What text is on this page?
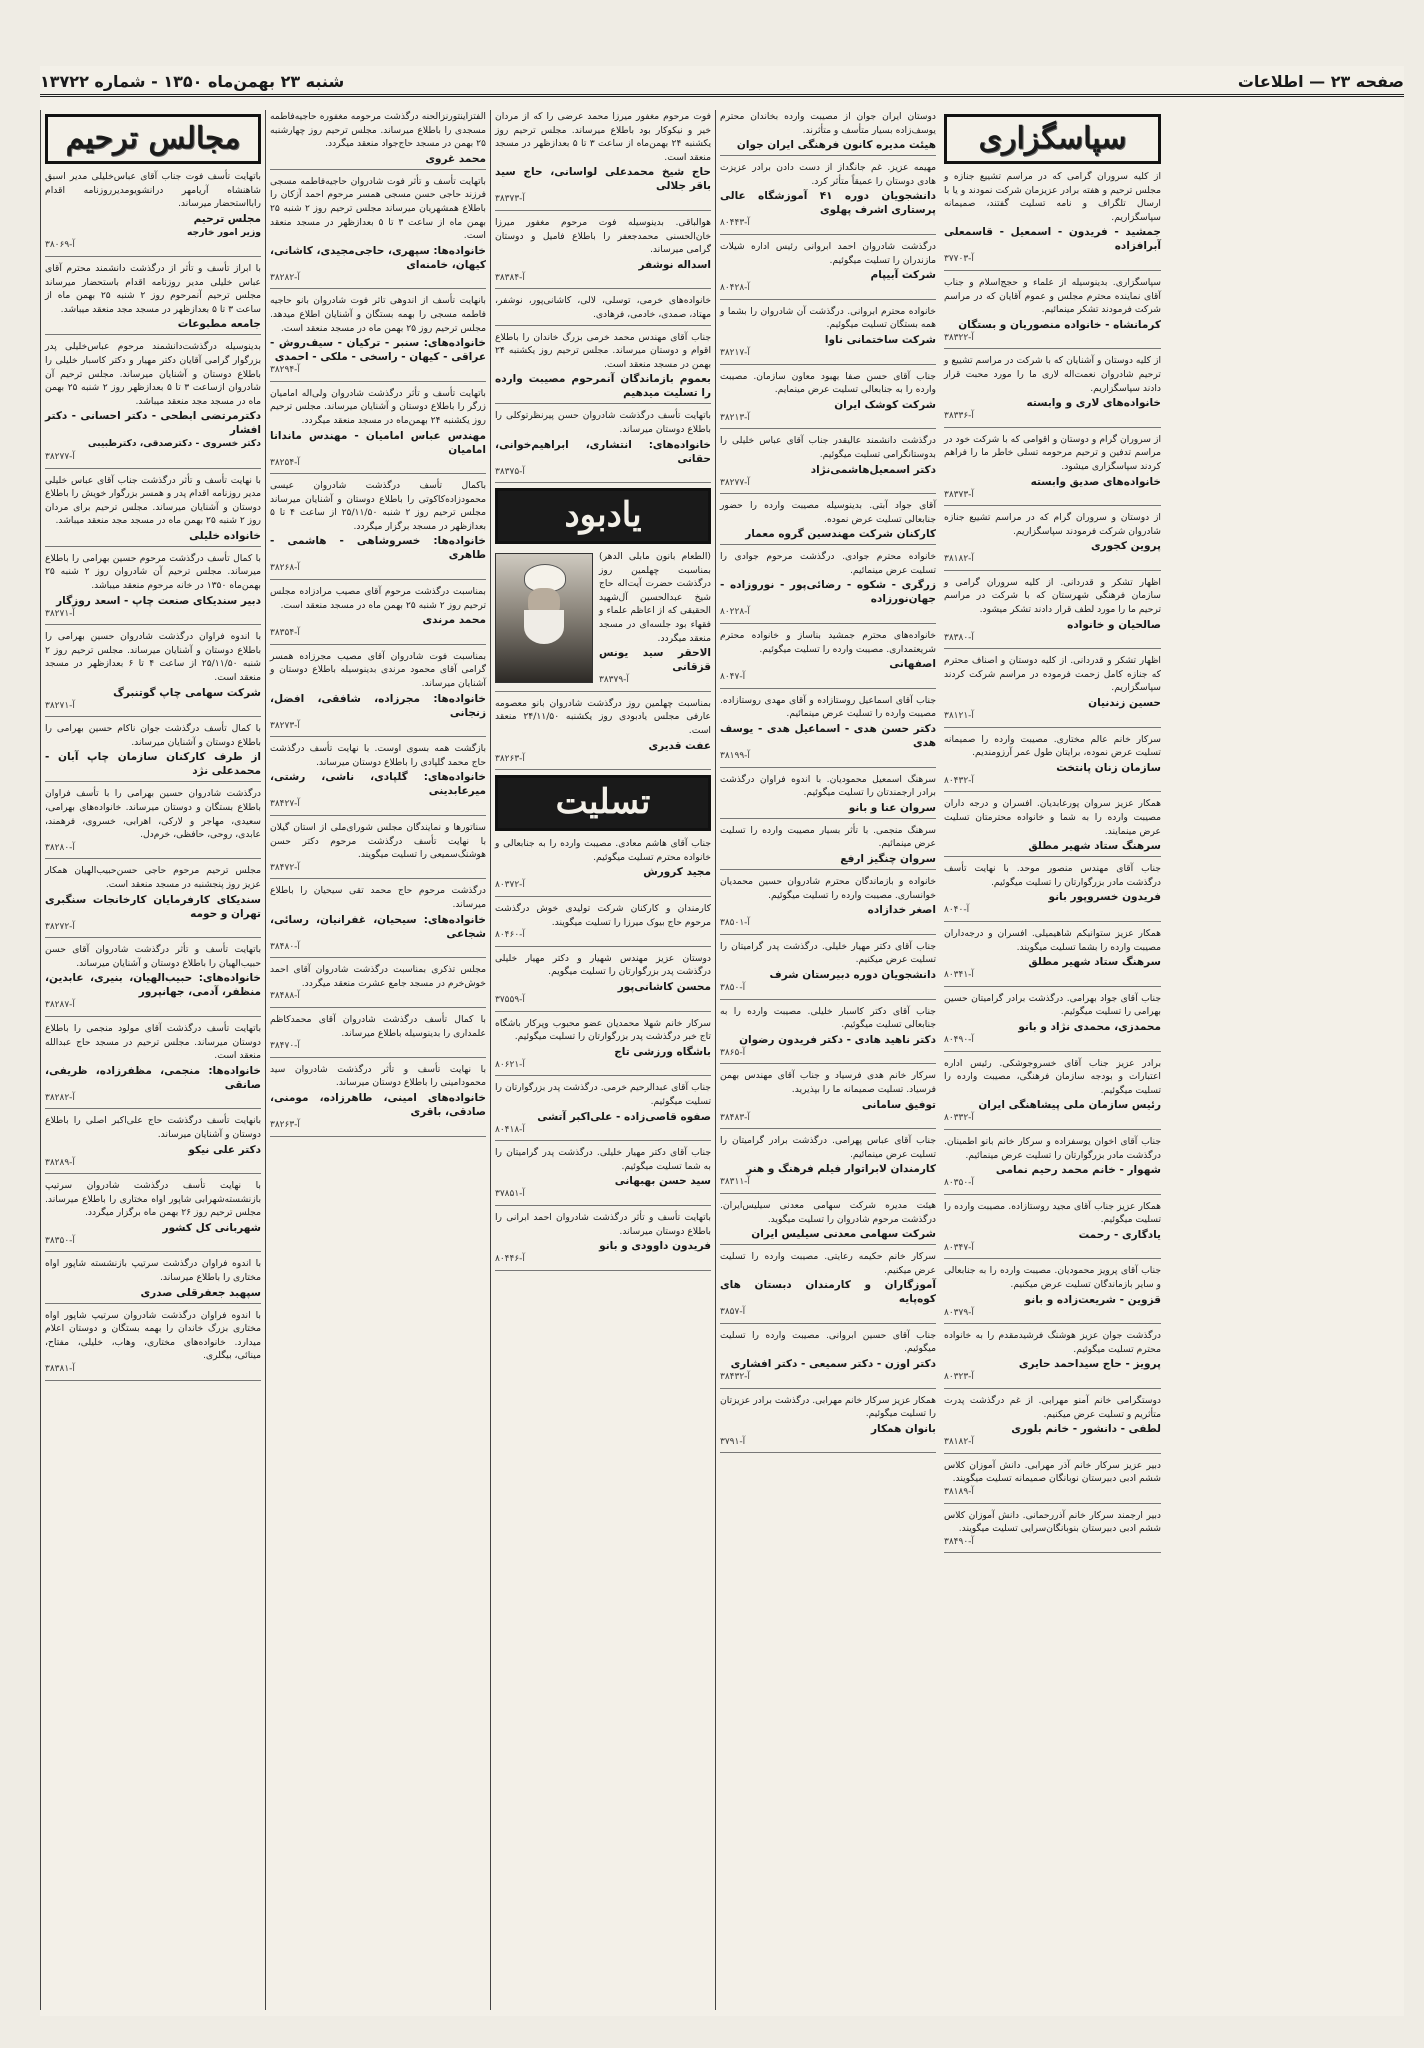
صفحه ۲۳ — اطلاعات
شنبه ۲۳ بهمن‌ماه ۱۳۵۰ - شماره ۱۳۷۲۲
مجالس ترحیم
باتهایت تأسف فوت جناب آقای عباس‌خلیلی مدیر اسبق شاهنشاه آریامهر درانشویومدیرروزنامه اقدام رابااستحضار میرساند.
مجلس ترحیم
وزیر امور خارجه
آ-۳۸۰۶۹
با ابراز تأسف و تأثر از درگذشت دانشمند محترم آقای عباس خلیلی مدیر روزنامه اقدام باستحضار میرساند مجلس ترحیم آنمرحوم روز ۲ شنبه ۲۵ بهمن ماه از ساعت ۳ تا ۵ بعدازظهر در مسجد مجد منعقد میباشد.
جامعه مطبوعات
بدینوسیله درگذشت‌دانشمند مرحوم عباس‌خلیلی پدر بزرگوار گرامی آقایان دکتر مهیار و دکتر کاسبار خلیلی را باطلاع دوستان و آشنایان میرساند. مجلس ترحیم آن شادروان ازساعت ۳ تا ۵ بعدازظهر روز ۲ شنبه ۲۵ بهمن ماه در مسجد مجد منعقد میباشد.
دکترمرتضی ابطحی - دکتر احسانی - دکتر افشار
دکتر خسروی - دکترصدقی، دکترطبیبی
آ-۳۸۲۷۷
با نهایت تأسف و تأثر درگذشت جناب آقای عباس خلیلی مدیر روزنامه اقدام پدر و همسر بزرگوار خویش را باطلاع دوستان و آشنایان میرساند. مجلس ترحیم برای مردان روز ۲ شنبه ۲۵ بهمن ماه در مسجد مجد منعقد میباشد.
خانواده خلیلی
با کمال تأسف درگذشت مرحوم حسین بهرامی را باطلاع میرساند. مجلس ترحیم آن شادروان روز ۲ شنبه ۲۵ بهمن‌ماه ۱۳۵۰ در خانه مرحوم منعقد میباشد.
دبیر سندیکای صنعت چاپ - اسعد روزگار
آ-۳۸۲۷۱
با اندوه فراوان درگذشت شادروان حسین بهرامی را باطلاع دوستان و آشنایان میرساند. مجلس ترحیم روز ۲ شنبه ۲۵/۱۱/۵۰ از ساعت ۴ تا ۶ بعدازظهر در مسجد منعقد است.
شرکت سهامی چاپ گوتنبرگ
آ-۳۸۲۷۱
با کمال تأسف درگذشت جوان ناکام حسین بهرامی را باطلاع دوستان و آشنایان میرساند.
از طرف کارکنان سازمان چاپ آبان - محمدعلی نژد
درگذشت شادروان حسین بهرامی را با تأسف فراوان باطلاع بستگان و دوستان میرساند. خانواده‌های بهرامی، سعیدی، مهاجر و لارکی، اهرابی، خسروی، فرهمند، عابدی، روحی، حافظی، خرم‌دل.
آ-۳۸۲۸۰
مجلس ترحیم مرحوم حاجی حسن‌حبیب‌الهیان همکار عزیز روز پنجشنبه در مسجد منعقد است.
سندیکای کارفرمایان کارخانجات سنگبری تهران و حومه
آ-۳۸۲۷۲
باتهایت تأسف و تأثر درگذشت شادروان آقای حسن حبیب‌الهیان را باطلاع دوستان و آشنایان میرساند.
خانواده‌های: حبیب‌الهیان، بنیری، عابدین، منظفر، آدمی، جهانپرور
آ-۳۸۲۸۷
باتهایت تأسف درگذشت آقای مولود منجمی را باطلاع دوستان میرساند. مجلس ترحیم در مسجد حاج عبدالله منعقد است.
خانواده‌ها: منجمی، مظفرزاده، ظریفی، صانقی
آ-۳۸۲۸۲
بانهایت تأسف درگذشت حاج علی‌اکبر اصلی را باطلاع دوستان و آشنایان میرساند.
دکتر علی نیکو
آ-۳۸۲۸۹
با نهایت تأسف درگذشت شادروان سرتیپ بازنشسته‌شهرابی شاپور اواه مختاری را باطلاع میرساند. مجلس ترحیم روز ۲۶ بهمن ماه برگزار میگردد.
شهربانی کل کشور
آ-۳۸۳۵۰
با اندوه فراوان درگذشت سرتیپ بازنشسته شاپور اواه مختاری را باطلاع میرساند.
سپهبد جعفرقلی صدری
با اندوه فراوان درگذشت شادروان سرتیپ شاپور اواه مختاری بزرگ خاندان را بهمه بستگان و دوستان اعلام میدارد. خانواده‌های مختاری، وهاب، خلیلی، مفتاح، مینائی، بیگلری.
آ-۳۸۳۸۱
الفتزاینتورنزالحنه درگذشت مرحومه مغفوره حاجیه‌فاطمه مسجدی را باطلاع میرساند. مجلس ترحیم روز چهارشنبه ۲۵ بهمن در مسجد حاج‌جواد منعقد میگردد.
محمد غروی
باتهایت تأسف و تأثر فوت شادروان حاجیه‌فاطمه مسجی فرزند حاجی حسن مسجی همسر مرحوم احمد آزکان را باطلاع همشهریان میرساند مجلس ترحیم روز ۲ شنبه ۲۵ بهمن ماه از ساعت ۳ تا ۵ بعدازظهر در مسجد منعقد است.
خانواده‌ها: سپهری، حاجی‌مجیدی، کاشانی، کیهان، خامنه‌ای
آ-۳۸۲۸۲
بانهایت تأسف از اندوهی تاثر فوت شادروان بانو حاجیه فاطمه مسجی را بهمه بستگان و آشنایان اطلاع میدهد. مجلس ترحیم روز ۲۵ بهمن ماه در مسجد منعقد است.
خانواده‌های: سنبر - ترکیان - سیف‌روش - عراقی - کیهان - راسخی - ملکی - احمدی
آ-۳۸۲۹۴
باتهایت تأسف و تأثر درگذشت شادروان ولی‌اله امامیان زرگر را باطلاع دوستان و آشنایان میرساند. مجلس ترحیم روز یکشنبه ۲۴ بهمن‌ماه در مسجد منعقد میگردد.
مهندس عباس امامیان - مهندس ماندانا امامیان
آ-۳۸۲۵۴
باکمال تأسف درگذشت شادروان عیسی محمودزاده‌کاکوتی را باطلاع دوستان و آشنایان میرساند مجلس ترحیم روز ۲ شنبه ۲۵/۱۱/۵۰ از ساعت ۴ تا ۵ بعدازظهر در مسجد برگزار میگردد.
خانواده‌ها: خسروشاهی - هاشمی - طاهری
آ-۳۸۲۶۸
بمناسبت درگذشت مرحوم آقای مصیب مرادزاده مجلس ترحیم روز ۲ شنبه ۲۵ بهمن ماه در مسجد منعقد است.
محمد مرندی
آ-۳۸۳۵۴
بمناسبت فوت شادروان آقای مصیب مجرزاده همسر گرامی آقای محمود مرندی بدینوسیله باطلاع دوستان و آشنایان میرساند.
خانواده‌ها: مجرزاده، شافقی، افضل، زنجانی
آ-۳۸۲۷۳
بازگشت همه بسوی اوست. با نهایت تأسف درگذشت حاج محمد گلپادی را باطلاع دوستان میرساند.
خانواده‌های: گلپادی، ناشی، رشتی، میرعابدینی
آ-۳۸۴۲۷
سناتورها و نمایندگان مجلس شورای‌ملی از استان گیلان با نهایت تأسف درگذشت مرحوم دکتر حسن هوشنگ‌سمیعی را تسلیت میگویند.
آ-۳۸۴۷۲
درگذشت مرحوم حاج محمد تقی سیحیان را باطلاع میرساند.
خانواده‌های: سیحیان، غفرانیان، رسائی، شجاعی
آ-۳۸۴۸۰
مجلس تذکری بمناسبت درگذشت شادروان آقای احمد خوش‌خرم در مسجد جامع عشرت منعقد میگردد.
آ-۳۸۴۸۸
با کمال تأسف درگذشت شادروان آقای محمدکاظم علمداری را بدینوسیله باطلاع میرساند.
آ-۳۸۴۷۰
با نهایت تأسف و تأثر درگذشت شادروان سید محمودامینی را باطلاع دوستان میرساند.
خانواده‌های امینی، طاهرزاده، مومنی، صادقی، باقری
آ-۳۸۲۶۳
فوت مرحوم مغفور میرزا محمد عرضی را که از مردان خیر و نیکوکار بود باطلاع میرساند. مجلس ترحیم روز یکشنبه ۲۴ بهمن‌ماه از ساعت ۳ تا ۵ بعدازظهر در مسجد منعقد است.
حاج شیخ محمدعلی لواسانی، حاج سید باقر جلالی
آ-۳۸۳۷۳
هوالباقی. بدینوسیله فوت مرحوم مغفور میرزا خان‌الحسنی محمدجعفر را باطلاع فامیل و دوستان گرامی میرساند.
اسداله نوشفر
آ-۳۸۳۸۴
خانواده‌های خرمی، توسلی، لالی، کاشانی‌پور، نوشفر، مهتاد، صمدی، خادمی، فرهادی.
جناب آقای مهندس محمد خرمی بزرگ خاندان را باطلاع اقوام و دوستان میرساند. مجلس ترحیم روز یکشنبه ۲۴ بهمن در مسجد منعقد است.
بعموم بازماندگان آنمرحوم مصیبت وارده را تسلیت میدهیم
باتهایت تأسف درگذشت شادروان حسن پیرنظرتوکلی را باطلاع دوستان میرساند.
خانواده‌های: انتشاری، ابراهیم‌خوانی، حقانی
آ-۳۸۳۷۵
یادبود
(الطعام بانون مابلى الدهر) بمناسبت چهلمین روز درگذشت حضرت آیت‌اله حاج شیخ عبدالحسین آل‌شهید الحقیقی که از اعاظم علماء و فقهاء بود جلسه‌ای در مسجد منعقد میگردد.
الاحقر سید یونس قزقانی
آ-۳۸۳۷۹
بمناسبت چهلمین روز درگذشت شادروان بانو معصومه عارفی مجلس یادبودی روز یکشنبه ۲۴/۱۱/۵۰ منعقد است.
عفت قدیری
آ-۳۸۲۶۳
تسلیت
جناب آقای هاشم معادی. مصیبت وارده را به جنابعالی و خانواده محترم تسلیت میگوئیم.
مجید کرورش
آ-۸۰۳۷۲
کارمندان و کارکنان شرکت تولیدی خوش درگذشت مرحوم حاج بیوک میرزا را تسلیت میگویند.
آ-۸۰۴۶۰
دوستان عزیز مهندس شهیار و دکتر مهیار خلیلی درگذشت پدر بزرگوارتان را تسلیت میگویم.
محسن کاشانی‌پور
آ-۳۷۵۵۹
سرکار خانم شهلا محمدیان عضو محبوب وپرکار باشگاه تاج خبر درگذشت پدر بزرگوارتان را تسلیت میگوئیم.
باشگاه ورزشی تاج
آ-۸۰۶۲۱
جناب آقای عبدالرحیم خرمی. درگذشت پدر بزرگوارتان را تسلیت میگوئیم.
صفوه قاصی‌زاده - علی‌اکبر آتشی
آ-۸۰۴۱۸
جناب آقای دکتر مهیار خلیلی. درگذشت پدر گرامیتان را به شما تسلیت میگوئیم.
سید حسن بهبهانی
آ-۳۷۸۵۱
باتهایت تأسف و تأثر درگذشت شادروان احمد ابرانی را باطلاع دوستان میرساند.
فریدون داوودی و بانو
آ-۸۰۴۴۶
دوستان ایران جوان از مصیبت وارده بخاندان محترم یوسف‌زاده بسیار متأسف و متأثرند.
هیئت مدیره کانون فرهنگی ایران جوان
مهیمه عزیز. غم جانگداز از دست دادن برادر عزیزت هادی دوستان را عمیقاً متأثر کرد.
دانشجویان دوره ۴۱ آموزشگاه عالی پرستاری اشرف پهلوی
آ-۸۰۴۴۳
درگذشت شادروان احمد ابروانی رئیس اداره شیلات مازندران را تسلیت میگوئیم.
شرکت آبیپام
آ-۸۰۴۲۸
خانواده محترم ابروانی. درگذشت آن شادروان را بشما و همه بستگان تسلیت میگوئیم.
شرکت ساختمانی ناوا
آ-۳۸۲۱۷
جناب آقای حسن صفا بهبود معاون سازمان. مصیبت وارده را به جنابعالی تسلیت عرض مینمایم.
شرکت کوشک ایران
آ-۳۸۲۱۳
درگذشت دانشمند عالیقدر جناب آقای عباس خلیلی را بدوستانگرامی تسلیت میگوئیم.
دکتر اسمعیل‌هاشمی‌نژاد
آ-۳۸۲۷۷
آقای جواد آبتی. بدینوسیله مصیبت وارده را حضور جنابعالی تسلیت عرض نموده.
کارکنان شرکت مهندسین گروه معمار
خانواده محترم جوادی. درگذشت مرحوم جوادی را تسلیت عرض مینمائیم.
زرگری - شکوه - رضائی‌پور - نوروزاده - جهان‌نورزاده
آ-۸۰۲۲۸
خانواده‌های محترم جمشید بناساز و خانواده محترم شریعتمداری. مصیبت وارده را تسلیت میگوئیم.
اصفهانی
آ-۸۰۴۷
جناب آقای اسماعیل روستازاده و آقای مهدی روستازاده. مصیبت وارده را تسلیت عرض مینمائیم.
دکتر حسن هدی - اسماعیل هدی - یوسف هدی
آ-۳۸۱۹۹
سرهنگ اسمعیل محمودیان. با اندوه فراوان درگذشت برادر ارجمندتان را تسلیت میگوئیم.
سروان عنا و بانو
سرهنگ منجمی. با تأثر بسیار مصیبت وارده را تسلیت عرض مینمائیم.
سروان چنگیز ارفع
خانواده و بازماندگان محترم شادروان حسین محمدیان خوانساری. مصیبت وارده را تسلیت میگوئیم.
اصغر خدازاده
آ-۳۸۵۰۱
جناب آقای دکتر مهیار خلیلی. درگذشت پدر گرامیتان را تسلیت عرض میکنیم.
دانشجویان دوره دبیرستان شرف
آ-۳۸۵۰
جناب آقای دکتر کاسبار خلیلی. مصیبت وارده را به جنابعالی تسلیت میگوئیم.
دکتر ناهید هادی - دکتر فریدون رضوان
آ-۳۸۶۵
سرکار خانم هدی فرسیاد و جناب آقای مهندس بهمن فرسیاد. تسلیت صمیمانه ما را بپذیرید.
توفیق سامانی
آ-۳۸۴۸۳
جناب آقای عباس پهرامی. درگذشت برادر گرامیتان را تسلیت عرض مینمائیم.
کارمندان لابراتوار فیلم فرهنگ و هنر
آ-۳۸۳۱۱
هیئت مدیره شرکت سهامی معدنی سیلیس‌ایران. درگذشت مرحوم شادروان را تسلیت میگوید.
شرکت سهامی معدنی سیلیس ایران
سرکار خانم حکیمه رعایتی. مصیبت وارده را تسلیت عرض میکنیم.
آموزگاران و کارمندان دبستان های کوه‌پایه
آ-۳۸۵۷
جناب آقای حسین ابروانی. مصیبت وارده را تسلیت میگوئیم.
دکتر اوزن - دکتر سمیعی - دکتر افشاری
آ-۳۸۴۳۲
همکار عزیز سرکار خانم مهرابی. درگذشت برادر عزیزتان را تسلیت میگوئیم.
بانوان همکار
آ-۳۷۹۱
سپاسگزاری
از کلیه سروران گرامی که در مراسم تشییع جنازه و مجلس ترحیم و هفته برادر عزیزمان شرکت نمودند و یا با ارسال تلگراف و نامه تسلیت گفتند، صمیمانه سپاسگزاریم.
جمشید - فریدون - اسمعیل - قاسمعلی آبرافزاده
آ-۳۷۷۰۳
سپاسگزاری. بدینوسیله از علماء و حجج‌اسلام و جناب آقای نماینده محترم مجلس و عموم آقایان که در مراسم شرکت فرمودند تشکر مینمائیم.
کرمانشاه - خانواده منصوریان و بستگان
آ-۳۸۳۲۲
از کلیه دوستان و آشنایان که با شرکت در مراسم تشییع و ترحیم شادروان نعمت‌اله لاری ما را مورد محبت قرار دادند سپاسگزاریم.
خانواده‌های لاری و وابسته
آ-۳۸۳۳۶
از سروران گرام و دوستان و اقوامی که با شرکت خود در مراسم تدفین و ترحیم مرحومه تسلی خاطر ما را فراهم کردند سپاسگزاری میشود.
خانواده‌های صدیق وابسته
آ-۳۸۳۷۳
از دوستان و سروران گرام که در مراسم تشییع جنازه شادروان شرکت فرمودند سپاسگزاریم.
پروین کجوری
آ-۳۸۱۸۲
اظهار تشکر و قدردانی. از کلیه سروران گرامی و سازمان فرهنگی شهرستان که با شرکت در مراسم ترحیم ما را مورد لطف قرار دادند تشکر میشود.
صالحیان و خانواده
آ-۳۸۳۸۰
اظهار تشکر و قدردانی. از کلیه دوستان و اصناف محترم که جنازه کامل زحمت فرموده در مراسم شرکت کردند سپاسگزاریم.
حسین زندنیان
آ-۳۸۱۲۱
سرکار خانم عالم مختاری. مصیبت وارده را صمیمانه تسلیت عرض نموده، برایتان طول عمر آرزومندیم.
سازمان زنان پانتخت
آ-۸۰۴۳۲
همکار عزیز سروان پورعابدیان. افسران و درجه داران مصیبت وارده را به شما و خانواده محترمتان تسلیت عرض مینمایند.
سرهنگ ستاد شهیر مطلق
جناب آقای مهندس منصور موحد. با نهایت تأسف درگذشت مادر بزرگوارتان را تسلیت میگوئیم.
فریدون خسروپور بانو
آ-۸۰۴۰
همکار عزیز ستوانیکم شاهیمیلی. افسران و درجه‌داران مصیبت وارده را بشما تسلیت میگویند.
سرهنگ ستاد شهیر مطلق
آ-۸۰۳۴۱
جناب آقای جواد بهرامی. درگذشت برادر گرامیتان حسین بهرامی را تسلیت میگوئیم.
محمدزی، محمدی نژاد و بانو
آ-۸۰۴۹۰
برادر عزیز جناب آقای خسروجوشکی. رئیس اداره اعتبارات و بودجه سازمان فرهنگی، مصیبت وارده را تسلیت میگوئیم.
رئیس سازمان ملی پیشاهنگی ایران
آ-۸۰۳۳۲
جناب آقای اخوان یوسفزاده و سرکار خانم بانو اطمینان. درگذشت مادر بزرگوارتان را تسلیت عرض مینمائیم.
شهوار - خانم محمد رحیم نمامی
آ-۸۰۳۵۰
همکار عزیز جناب آقای مجید روستازاده. مصیبت وارده را تسلیت میگوئیم.
یادگاری - رحمت
آ-۸۰۳۴۷
جناب آقای پرویز محمودیان. مصیبت وارده را به جنابعالی و سایر بازماندگان تسلیت عرض میکنیم.
قزوین - شریعت‌زاده و بانو
آ-۸۰۳۷۹
درگذشت جوان عزیز هوشنگ فرشیدمقدم را به خانواده محترم تسلیت میگوئیم.
پرویز - حاج سیداحمد حایری
آ-۸۰۳۲۳
دوستگرامی خانم آمنو مهرابی. از غم درگذشت پدرت متأثریم و تسلیت عرض میکنیم.
لطفی - دانشور - خانم بلوری
آ-۳۸۱۸۲
دبیر عزیز سرکار خانم آذر مهرابی. دانش آموزان کلاس ششم ادبی دبیرستان نوبانگان صمیمانه تسلیت میگویند.
آ-۳۸۱۸۹
دبیر ارجمند سرکار خانم آذررحمانی. دانش آموزان کلاس ششم ادبی دبیرستان بنوبانگان‌سرایی تسلیت میگویند.
آ-۳۸۴۹۰
